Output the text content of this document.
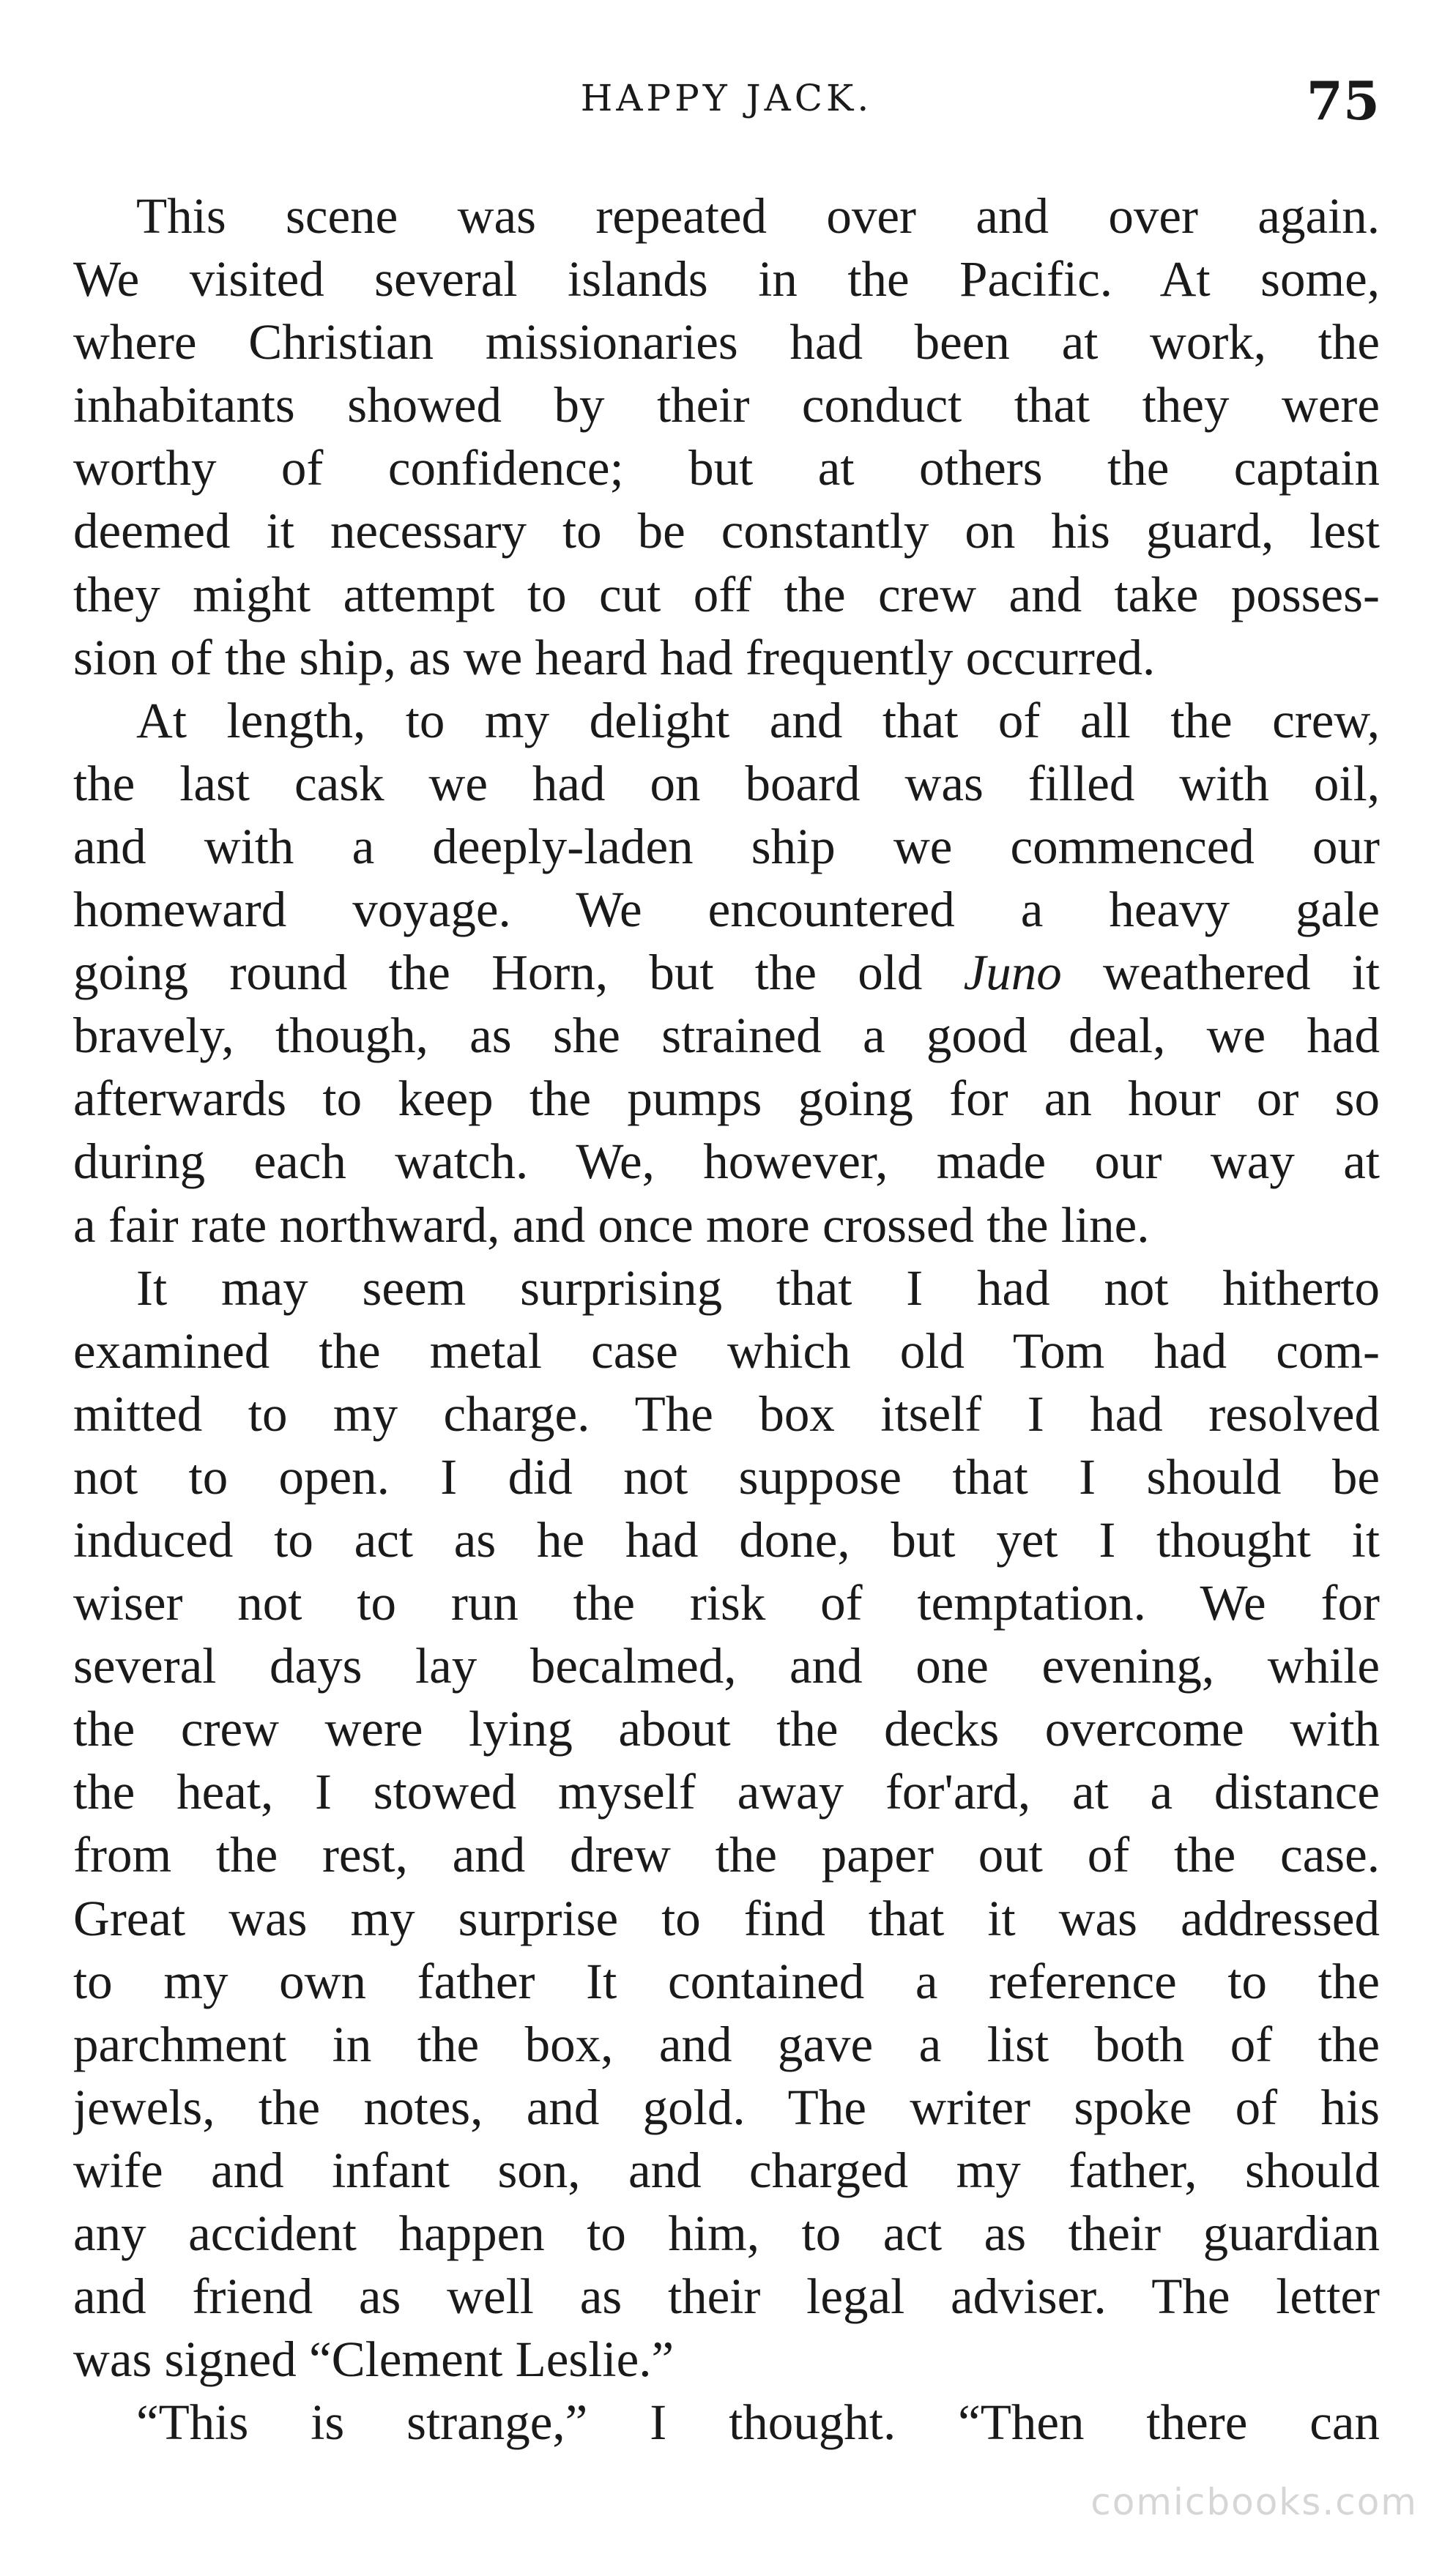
HAPPY JACK.	75
This scene was repeated over and over again.
We visited several islands in the Pacific. At some,
where Christian missionaries had been at work, the
inhabitants showed by their conduct that they were
worthy of confidence; but at others the captain
deemed it necessary to be constantly on his guard, lest
they might attempt to cut off the crew and take posses-
sion of the ship, as we heard had frequently occurred.
At length, to my delight and that of all the crew,
the last cask we had on board was filled with oil,
and with a deeply-laden ship we commenced our
homeward voyage. We encountered a heavy gale
going round the Horn, but the old Juno weathered it
bravely, though, as she strained a good deal, we had
afterwards to keep the pumps going for an hour or so
during each watch. We, however, made our way at
a fair rate northward, and once more crossed the line.
It may seem surprising that I had not hitherto
examined the metal case which old Tom had com-
mitted to my charge. The box itself I had resolved
not to open. I did not suppose that I should be
induced to act as he had done, but yet I thought it
wiser not to run the risk of temptation. We for
several days lay becalmed, and one evening, while
the crew were lying about the decks overcome with
the heat, I stowed myself away for'ard, at a distance
from the rest, and drew the paper out of the case.
Great was my surprise to find that it was addressed
to my own father It contained a reference to the
parchment in the box, and gave a list both of the
jewels, the notes, and gold. The writer spoke of his
wife and infant son, and charged my father, should
any accident happen to him, to act as their guardian
and friend as well as their legal adviser. The letter
was signed “Clement Leslie.”
“This is strange,” I thought. “Then there can
comicbooks.com
